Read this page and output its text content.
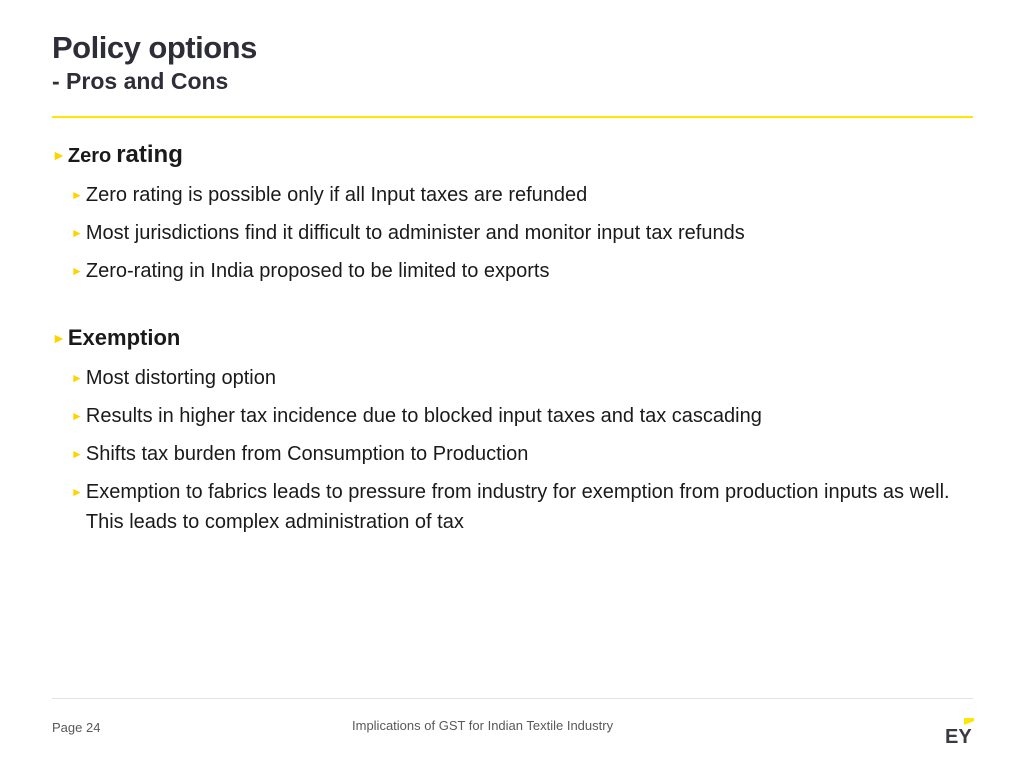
Policy options
- Pros and Cons
► Zero rating
► Zero rating is possible only if all Input taxes are refunded
► Most jurisdictions find it difficult to administer and monitor input tax refunds
► Zero-rating in India proposed to be limited to exports
► Exemption
► Most distorting option
► Results in higher tax incidence due to blocked input taxes and tax cascading
► Shifts tax burden from Consumption to Production
► Exemption to fabrics leads to pressure from industry for exemption from production inputs as well. This leads to complex administration of tax
Page 24	Implications of GST for Indian Textile Industry
EY
